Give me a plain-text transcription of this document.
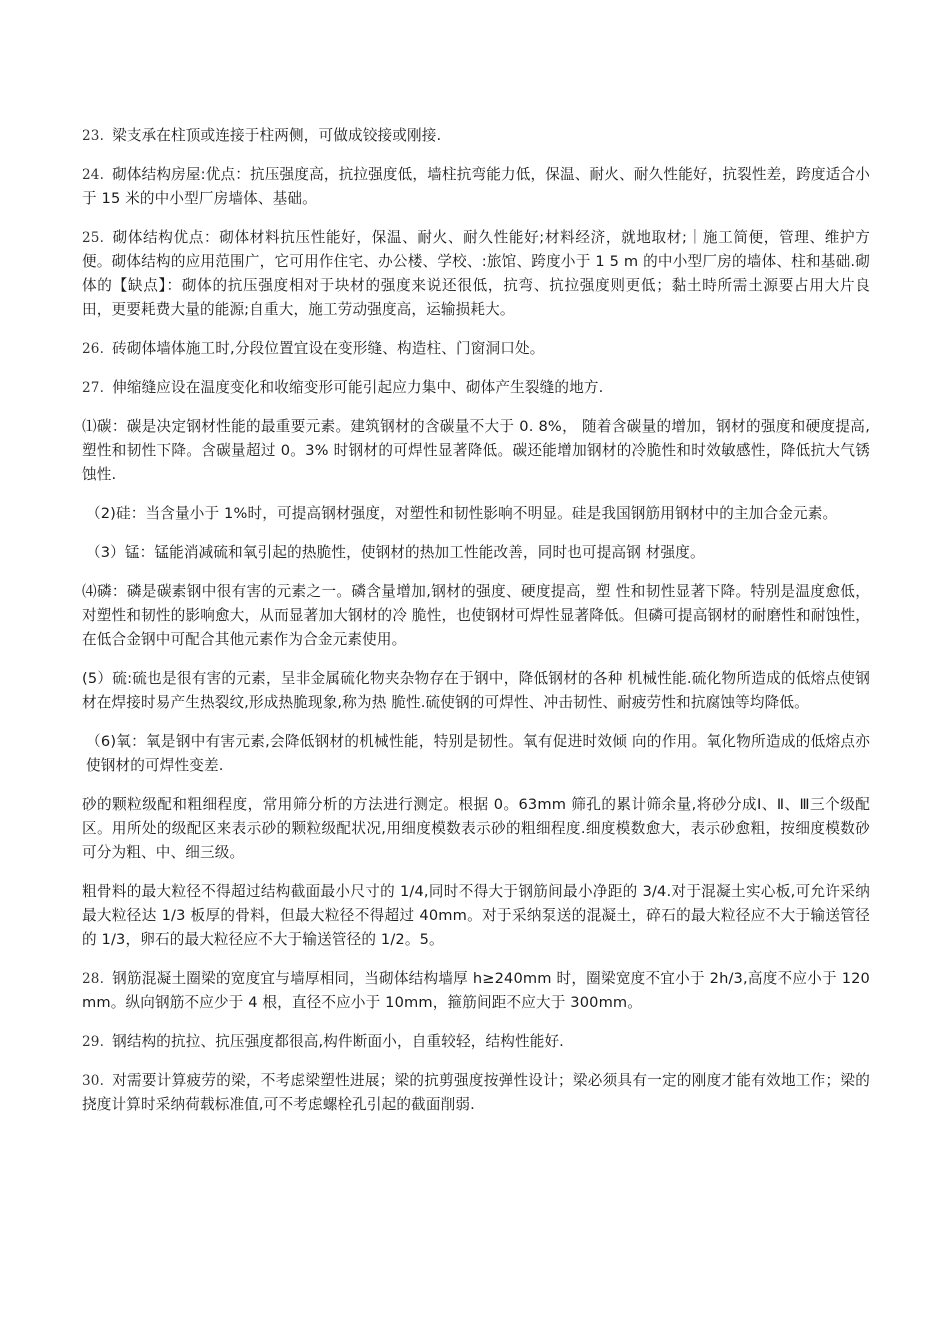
23. 梁支承在柱顶或连接于柱两侧，可做成铰接或刚接.

24. 砌体结构房屋:优点：抗压强度高，抗拉强度低，墙柱抗弯能力低，保温、耐火、耐久性能好，抗裂性差，跨度适合小于 15 米的中小型厂房墙体、基础。

25. 砌体结构优点：砌体材料抗压性能好，保温、耐火、耐久性能好;材料经济，就地取材;｜施工简便，管理、维护方便。砌体结构的应用范围广，它可用作住宅、办公楼、学校、:旅馆、跨度小于 1 5 m 的中小型厂房的墙体、柱和基础.砌体的【缺点】：砌体的抗压强度相对于块材的强度来说还很低，抗弯、抗拉强度则更低；黏土時所需土源要占用大片良田，更要耗费大量的能源;自重大，施工劳动强度高，运输损耗大。

26. 砖砌体墙体施工时,分段位置宜设在变形缝、构造柱、门窗洞口处。

27. 伸缩缝应设在温度变化和收缩变形可能引起应力集中、砌体产生裂缝的地方.

⑴碳：碳是决定钢材性能的最重要元素。建筑钢材的含碳量不大于 0. 8%， 随着含碳量的增加，钢材的强度和硬度提高,塑性和韧性下降。含碳量超过 0。3% 时钢材的可焊性显著降低。碳还能增加钢材的冷脆性和时效敏感性，降低抗大气锈 蚀性.

（2)硅：当含量小于 1%时，可提高钢材强度，对塑性和韧性影响不明显。硅是我国钢筋用钢材中的主加合金元素。

（3）锰：锰能消减硫和氧引起的热脆性，使钢材的热加工性能改善，同时也可提高钢 材强度。

⑷磷：磷是碳素钢中很有害的元素之一。磷含量增加,钢材的强度、硬度提高，塑 性和韧性显著下降。特别是温度愈低，对塑性和韧性的影响愈大，从而显著加大钢材的冷 脆性，也使钢材可焊性显著降低。但磷可提高钢材的耐磨性和耐蚀性，在低合金钢中可配合其他元素作为合金元素使用。

(5）硫:硫也是很有害的元素，呈非金属硫化物夹杂物存在于钢中，降低钢材的各种 机械性能.硫化物所造成的低熔点使钢材在焊接时易产生热裂纹,形成热脆现象,称为热 脆性.硫使钢的可焊性、冲击韧性、耐疲劳性和抗腐蚀等均降低。

（6)氧：氧是钢中有害元素,会降低钢材的机械性能，特别是韧性。氧有促进时效倾 向的作用。氧化物所造成的低熔点亦使钢材的可焊性变差.

砂的颗粒级配和粗细程度，常用筛分析的方法进行测定。根据 0。63mm 筛孔的累计筛余量,将砂分成Ⅰ、Ⅱ、Ⅲ三个级配区。用所处的级配区来表示砂的颗粒级配状况,用细度模数表示砂的粗细程度.细度模数愈大，表示砂愈粗，按细度模数砂可分为粗、中、细三级。

粗骨料的最大粒径不得超过结构截面最小尺寸的 1/4,同时不得大于钢筋间最小净距的 3/4.对于混凝土实心板,可允许采纳最大粒径达 1/3 板厚的骨料，但最大粒径不得超过 40mm。对于采纳泵送的混凝土，碎石的最大粒径应不大于输送管径的 1/3，卵石的最大粒径应不大于输送管径的 1/2。5。

28. 钢筋混凝土圈梁的宽度宜与墙厚相同，当砌体结构墙厚 h≥240mm 时，圈梁宽度不宜小于 2h/3,高度不应小于 120mm。纵向钢筋不应少于 4 根，直径不应小于 10mm，箍筋间距不应大于 300mm。

29. 钢结构的抗拉、抗压强度都很高,构件断面小，自重较轻，结构性能好.

30. 对需要计算疲劳的梁，不考虑梁塑性进展；梁的抗剪强度按弹性设计；梁必须具有一定的刚度才能有效地工作；梁的挠度计算时采纳荷载标准值,可不考虑螺栓孔引起的截面削弱.
